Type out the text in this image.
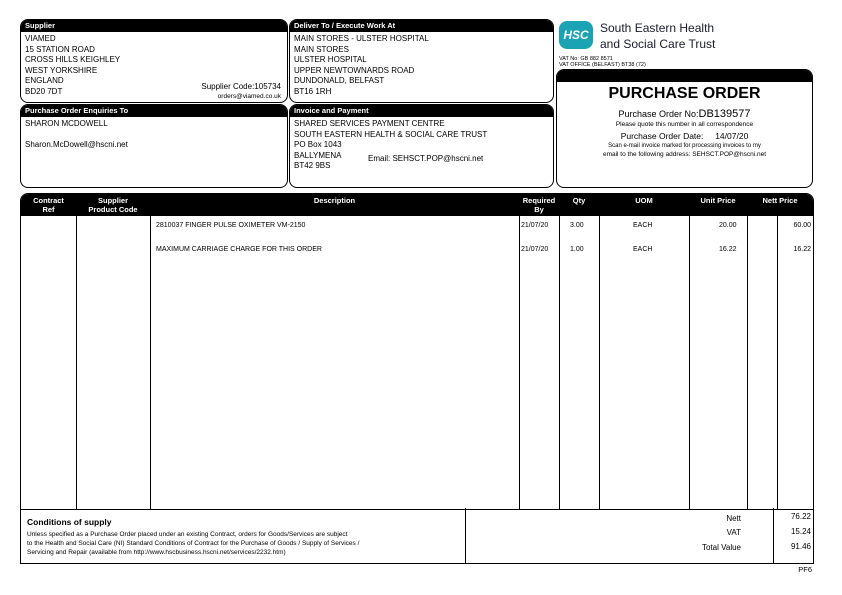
Supplier
VIAMED
15 STATION ROAD
CROSS HILLS KEIGHLEY
WEST YORKSHIRE
ENGLAND
BD20 7DT	Supplier Code:105734
orders@viamed.co.uk
Deliver To / Execute Work At
MAIN STORES - ULSTER HOSPITAL
MAIN STORES
ULSTER HOSPITAL
UPPER NEWTOWNARDS ROAD
DUNDONALD, BELFAST
BT16 1RH
HSC South Eastern Health
and Social Care Trust
VAT No: GB 882 8571
VAT OFFICE (BELFAST) BT38 (72)
PURCHASE ORDER
Purchase Order No:DB139577
Please quote this number in all correspondence
Purchase Order Date: 14/07/20
Scan e-mail invoice marked for processing invoices to my
email to the following address: SEHSCT.POP@hscni.net
Purchase Order Enquiries To
SHARON MCDOWELL
Sharon.McDowell@hscni.net
Invoice and Payment
SHARED SERVICES PAYMENT CENTRE
SOUTH EASTERN HEALTH & SOCIAL CARE TRUST
PO Box 1043
BALLYMENA
BT42 9BS
Email: SEHSCT.POP@hscni.net
Contract
Ref
Supplier
Product Code
Description	Required
By
Qty	UOM	Unit Price	Nett Price
2810037 FINGER PULSE OXIMETER VM-2150	21/07/20	3.00	EACH	20.00	60.00
MAXIMUM CARRIAGE CHARGE FOR THIS ORDER	21/07/20	1.00	EACH	16.22	16.22
Conditions of supply
Unless specified as a Purchase Order placed under an existing Contract, orders for Goods/Services are subject
to the Health and Social Care (NI) Standard Conditions of Contract for the Purchase of Goods / Supply of Services /
Servicing and Repair (available from http://www.hscbusiness.hscni.net/services/2232.htm)
Nett	76.22
VAT	15.24
Total Value	91.46
PF6
